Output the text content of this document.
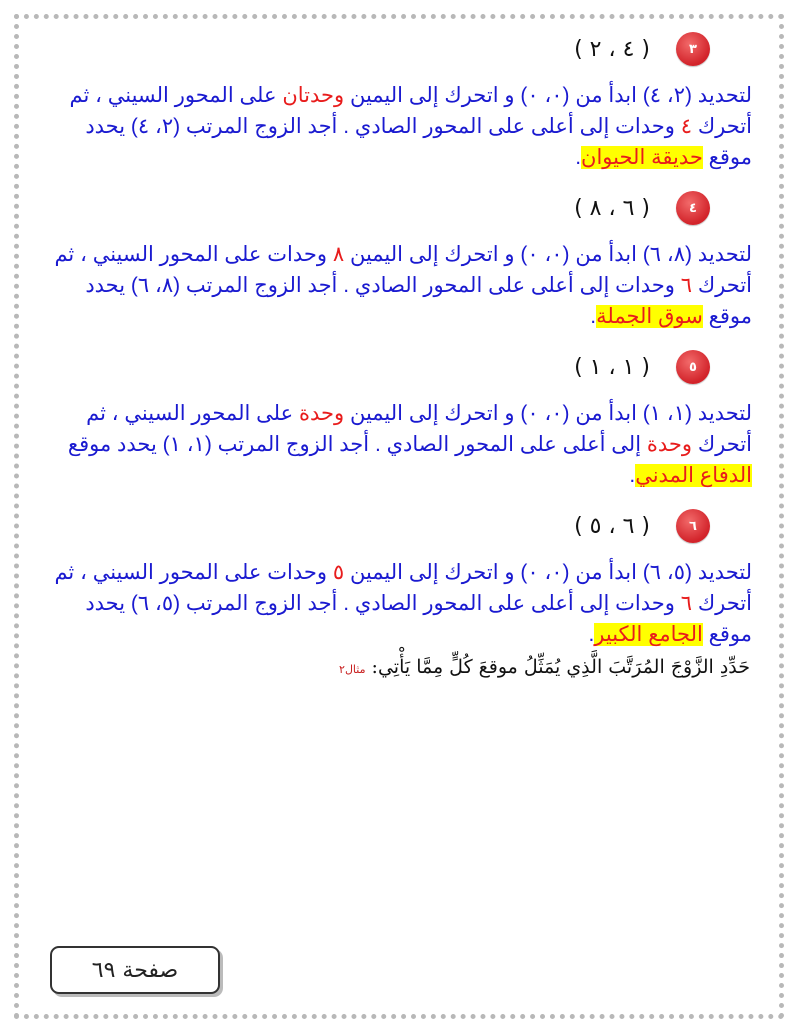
٣
( ٤ ، ٢ )
لتحديد (٢، ٤) ابدأ من (٠، ٠) و اتحرك إلى اليمين وحدتان على المحور السيني ، ثم
أتحرك ٤ وحدات إلى أعلى على المحور الصادي . أجد الزوج المرتب (٢، ٤) يحدد
موقع حديقة الحيوان.
٤
( ٦ ، ٨ )
لتحديد (٨، ٦) ابدأ من (٠، ٠) و اتحرك إلى اليمين ٨ وحدات على المحور السيني ، ثم
أتحرك ٦ وحدات إلى أعلى على المحور الصادي . أجد الزوج المرتب (٨، ٦) يحدد
موقع سوق الجملة.
٥
( ١ ، ١ )
لتحديد (١، ١) ابدأ من (٠، ٠) و اتحرك إلى اليمين وحدة على المحور السيني ، ثم
أتحرك وحدة إلى أعلى على المحور الصادي . أجد الزوج المرتب (١، ١) يحدد موقع
الدفاع المدني.
٦
( ٦ ، ٥ )
لتحديد (٥، ٦) ابدأ من (٠، ٠) و اتحرك إلى اليمين ٥ وحدات على المحور السيني ، ثم
أتحرك ٦ وحدات إلى أعلى على المحور الصادي . أجد الزوج المرتب (٥، ٦) يحدد
موقع الجامع الكبير.
حَدِّدِ الزَّوْجَ المُرَتَّبَ الَّذِي يُمَثِّلُ موقعَ كُلٍّ مِمَّا يَأْتِي: مثال٢
صفحة ٦٩
